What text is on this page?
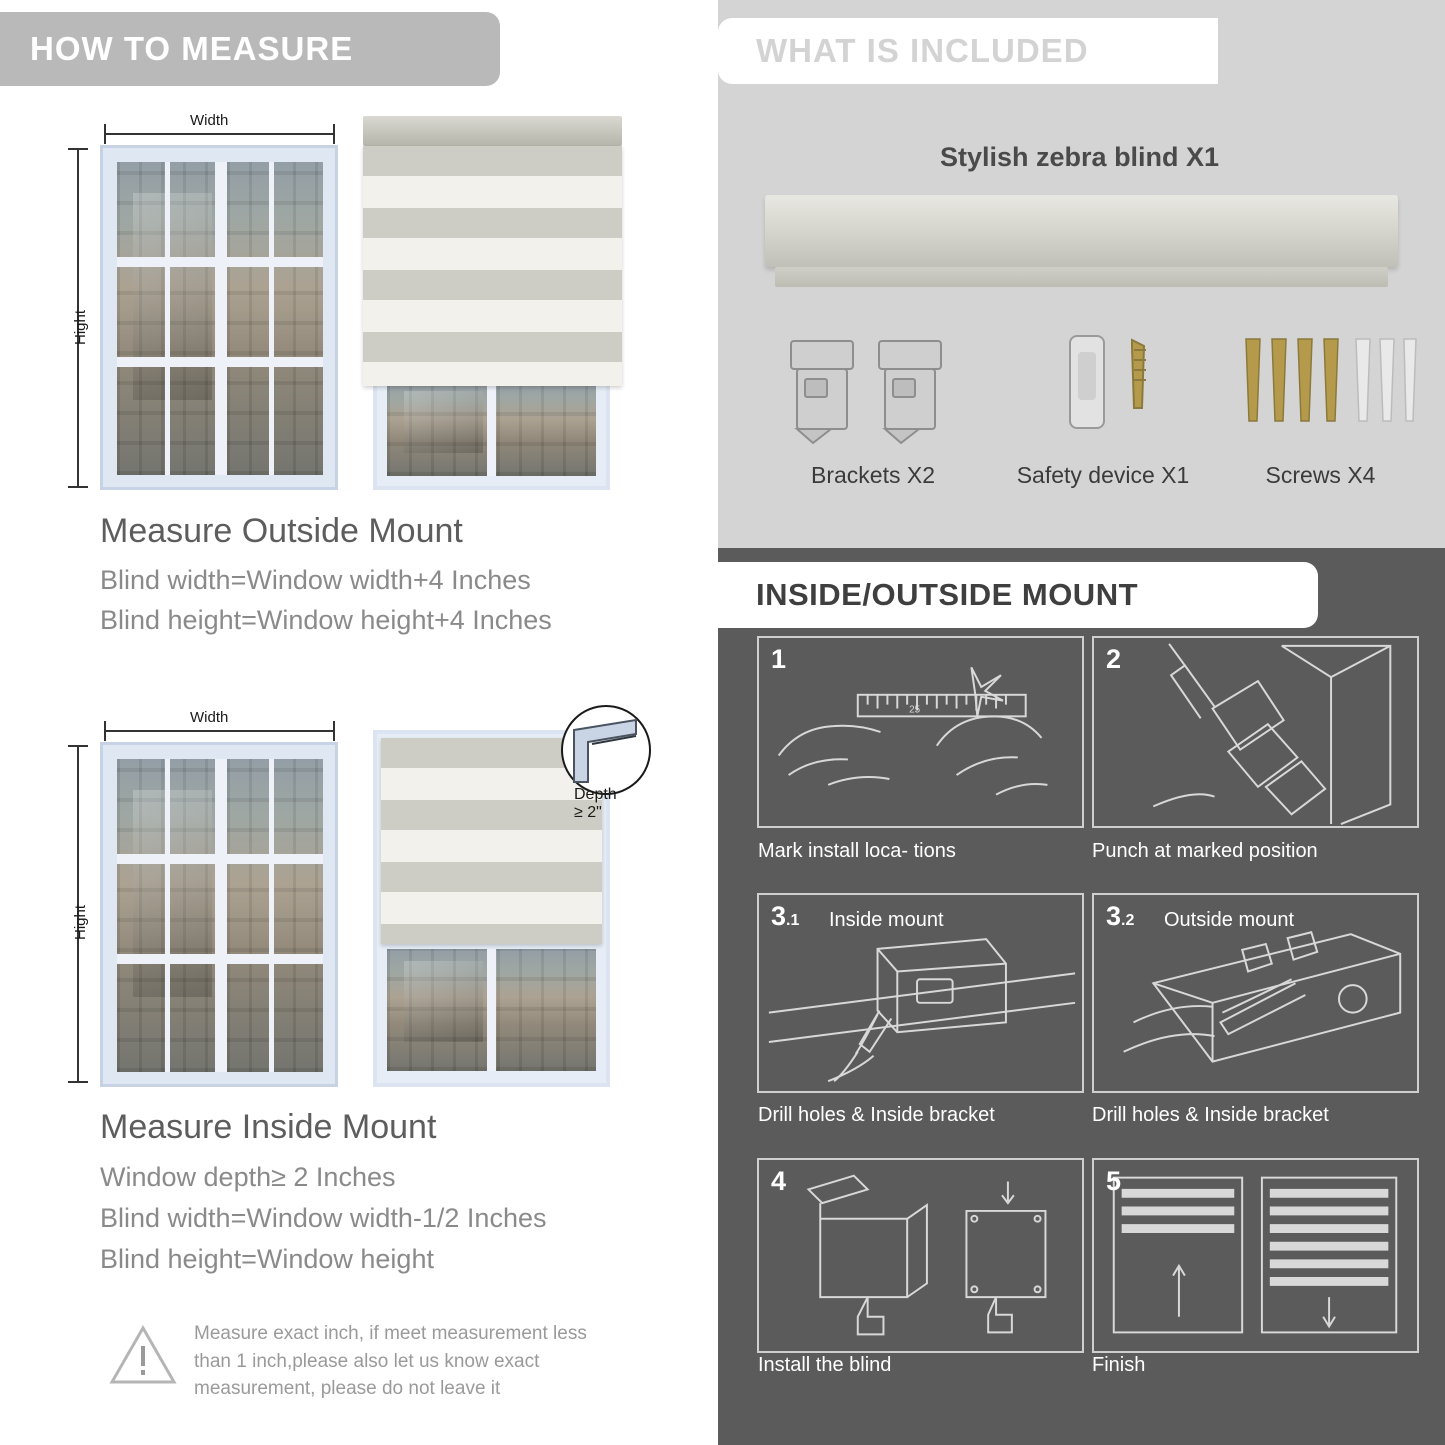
HOW TO MEASURE
Width
Hight
Measure Outside Mount
Blind width=Window width+4 Inches
Blind height=Window height+4 Inches
Width
Hight
Depth ≥ 2"
Measure Inside Mount
Window depth≥ 2 Inches
Blind width=Window width-1/2 Inches
Blind height=Window height
Measure exact inch, if meet measurement less than 1 inch,please also let us know exact measurement, please do not leave it
Stylish zebra blind X1
Brackets X2	Safety device X1	Screws X4
WHAT IS INCLUDED
25
1
Mark install loca- tions
2
Punch at marked position
3.1 Inside mount
Drill holes & Inside bracket
3.2 Outside mount
Drill holes & Inside bracket
4
Install the blind
5
Finish
INSIDE/OUTSIDE MOUNT
